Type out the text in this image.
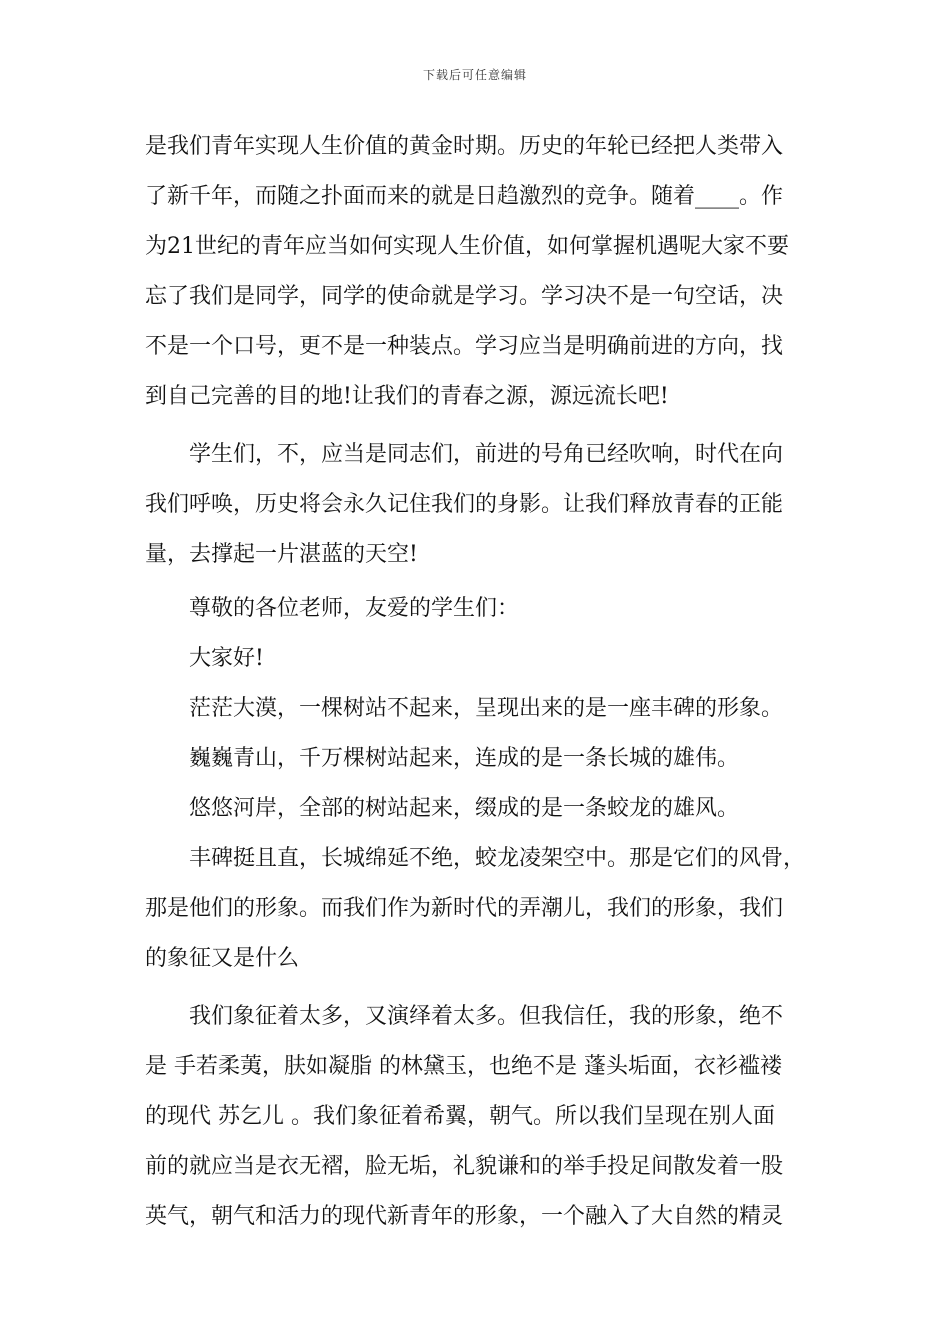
下载后可任意编辑
是我们青年实现人生价值的黄金时期。历史的年轮已经把人类带入
了新千年，而随之扑面而来的就是日趋激烈的竞争。随着____。作
为21世纪的青年应当如何实现人生价值，如何掌握机遇呢大家不要
忘了我们是同学，同学的使命就是学习。学习决不是一句空话，决
不是一个口号，更不是一种装点。学习应当是明确前进的方向，找
到自己完善的目的地!让我们的青春之源，源远流长吧!
学生们，不，应当是同志们，前进的号角已经吹响，时代在向
我们呼唤，历史将会永久记住我们的身影。让我们释放青春的正能
量，去撑起一片湛蓝的天空!
尊敬的各位老师，友爱的学生们：
大家好!
茫茫大漠，一棵树站不起来，呈现出来的是一座丰碑的形象。
巍巍青山，千万棵树站起来，连成的是一条长城的雄伟。
悠悠河岸，全部的树站起来，缀成的是一条蛟龙的雄风。
丰碑挺且直，长城绵延不绝，蛟龙凌架空中。那是它们的风骨，
那是他们的形象。而我们作为新时代的弄潮儿，我们的形象，我们
的象征又是什么
我们象征着太多，又演绎着太多。但我信任，我的形象，绝不
是 手若柔荑，肤如凝脂 的林黛玉，也绝不是 蓬头垢面，衣衫褴褛
的现代 苏乞儿 。我们象征着希翼，朝气。所以我们呈现在别人面
前的就应当是衣无褶，脸无垢，礼貌谦和的举手投足间散发着一股
英气，朝气和活力的现代新青年的形象，一个融入了大自然的精灵
